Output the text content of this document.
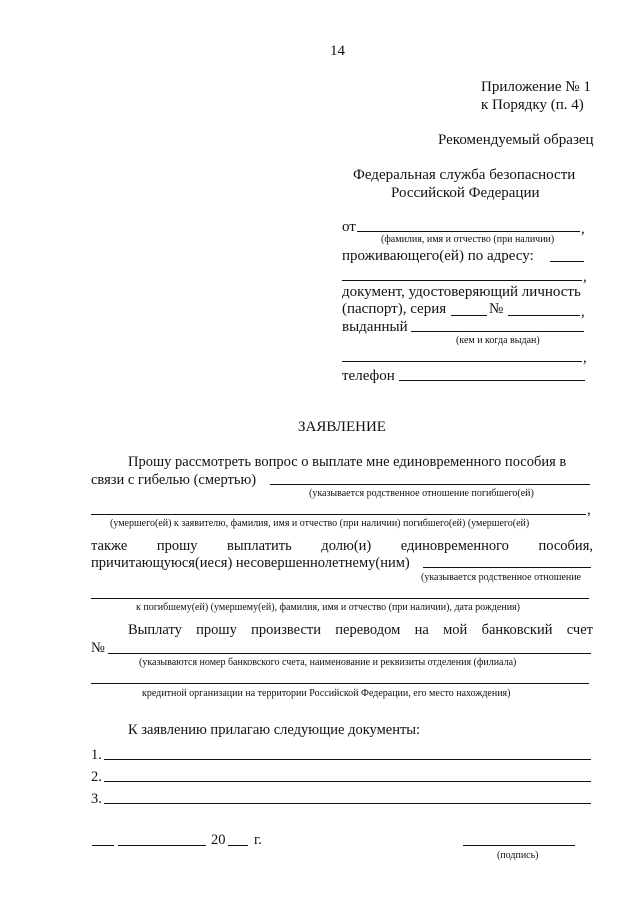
14
Приложение № 1
к Порядку (п. 4)
Рекомендуемый образец
Федеральная служба безопасности
Российской Федерации
от	,
(фамилия, имя и отчество (при наличии)
проживающего(ей) по адресу:
,
документ, удостоверяющий личность
(паспорт), серия	№	,
выданный
(кем и когда выдан)
,
телефон
ЗАЯВЛЕНИЕ
Прошу рассмотреть вопрос о выплате мне единовременного пособия в
связи с гибелью (смертью)
(указывается родственное отношение погибшего(ей)
,
(умершего(ей) к заявителю, фамилия, имя и отчество (при наличии) погибшего(ей) (умершего(ей)
также прошу выплатить долю(и) единовременного пособия,
причитающуюся(иеся) несовершеннолетнему(ним)
(указывается родственное отношение
к погибшему(ей) (умершему(ей), фамилия, имя и отчество (при наличии), дата рождения)
Выплату прошу произвести переводом на мой банковский счет
№
(указываются номер банковского счета, наименование и реквизиты отделения (филиала)
кредитной организации на территории Российской Федерации, его место нахождения)
К заявлению прилагаю следующие документы:
1.
2.
3.
20 г.
(подпись)
